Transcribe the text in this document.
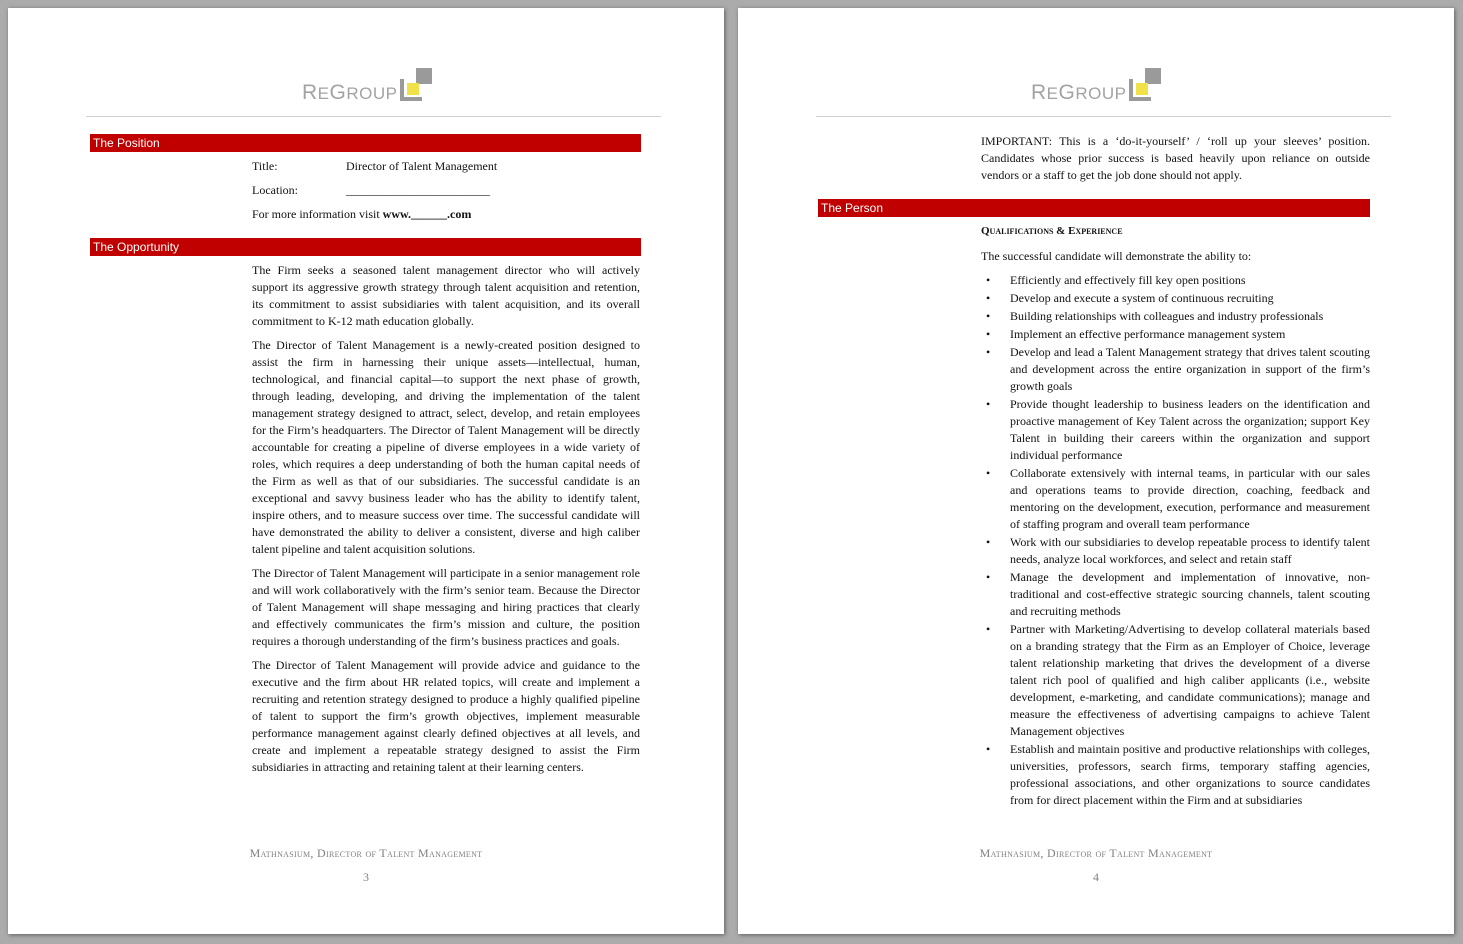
REGROUP
The Position
Title:	Director of Talent Management
Location:	________________________
For more information visit www.______.com
The Opportunity

The Firm seeks a seasoned talent management director who will actively support its aggressive growth strategy through talent acquisition and retention, its commitment to assist subsidiaries with talent acquisition, and its overall commitment to K-12 math education globally.

The Director of Talent Management is a newly-created position designed to assist the firm in harnessing their unique assets—intellectual, human, technological, and financial capital—to support the next phase of growth, through leading, developing, and driving the implementation of the talent management strategy designed to attract, select, develop, and retain employees for the Firm’s headquarters. The Director of Talent Management will be directly accountable for creating a pipeline of diverse employees in a wide variety of roles, which requires a deep understanding of both the human capital needs of the Firm as well as that of our subsidiaries. The successful candidate is an exceptional and savvy business leader who has the ability to identify talent, inspire others, and to measure success over time. The successful candidate will have demonstrated the ability to deliver a consistent, diverse and high caliber talent pipeline and talent acquisition solutions.

The Director of Talent Management will participate in a senior management role and will work collaboratively with the firm’s senior team. Because the Director of Talent Management will shape messaging and hiring practices that clearly and effectively communicates the firm’s mission and culture, the position requires a thorough understanding of the firm’s business practices and goals.

The Director of Talent Management will provide advice and guidance to the executive and the firm about HR related topics, will create and implement a recruiting and retention strategy designed to produce a highly qualified pipeline of talent to support the firm’s growth objectives, implement measurable performance management against clearly defined objectives at all levels, and create and implement a repeatable strategy designed to assist the Firm subsidiaries in attracting and retaining talent at their learning centers.

Mathnasium, Director of Talent Management
3
REGROUP

IMPORTANT: This is a ‘do-it-yourself’ / ‘roll up your sleeves’ position. Candidates whose prior success is based heavily upon reliance on outside vendors or a staff to get the job done should not apply.

The Person
Qualifications & Experience

The successful candidate will demonstrate the ability to:

• Efficiently and effectively fill key open positions
• Develop and execute a system of continuous recruiting
• Building relationships with colleagues and industry professionals
• Implement an effective performance management system
• Develop and lead a Talent Management strategy that drives talent scouting and development across the entire organization in support of the firm’s growth goals
• Provide thought leadership to business leaders on the identification and proactive management of Key Talent across the organization; support Key Talent in building their careers within the organization and support individual performance
• Collaborate extensively with internal teams, in particular with our sales and operations teams to provide direction, coaching, feedback and mentoring on the development, execution, performance and measurement of staffing program and overall team performance
• Work with our subsidiaries to develop repeatable process to identify talent needs, analyze local workforces, and select and retain staff
• Manage the development and implementation of innovative, non-traditional and cost-effective strategic sourcing channels, talent scouting and recruiting methods
• Partner with Marketing/Advertising to develop collateral materials based on a branding strategy that the Firm as an Employer of Choice, leverage talent relationship marketing that drives the development of a diverse talent rich pool of qualified and high caliber applicants (i.e., website development, e-marketing, and candidate communications); manage and measure the effectiveness of advertising campaigns to achieve Talent Management objectives
• Establish and maintain positive and productive relationships with colleges, universities, professors, search firms, temporary staffing agencies, professional associations, and other organizations to source candidates from for direct placement within the Firm and at subsidiaries
Mathnasium, Director of Talent Management
4
